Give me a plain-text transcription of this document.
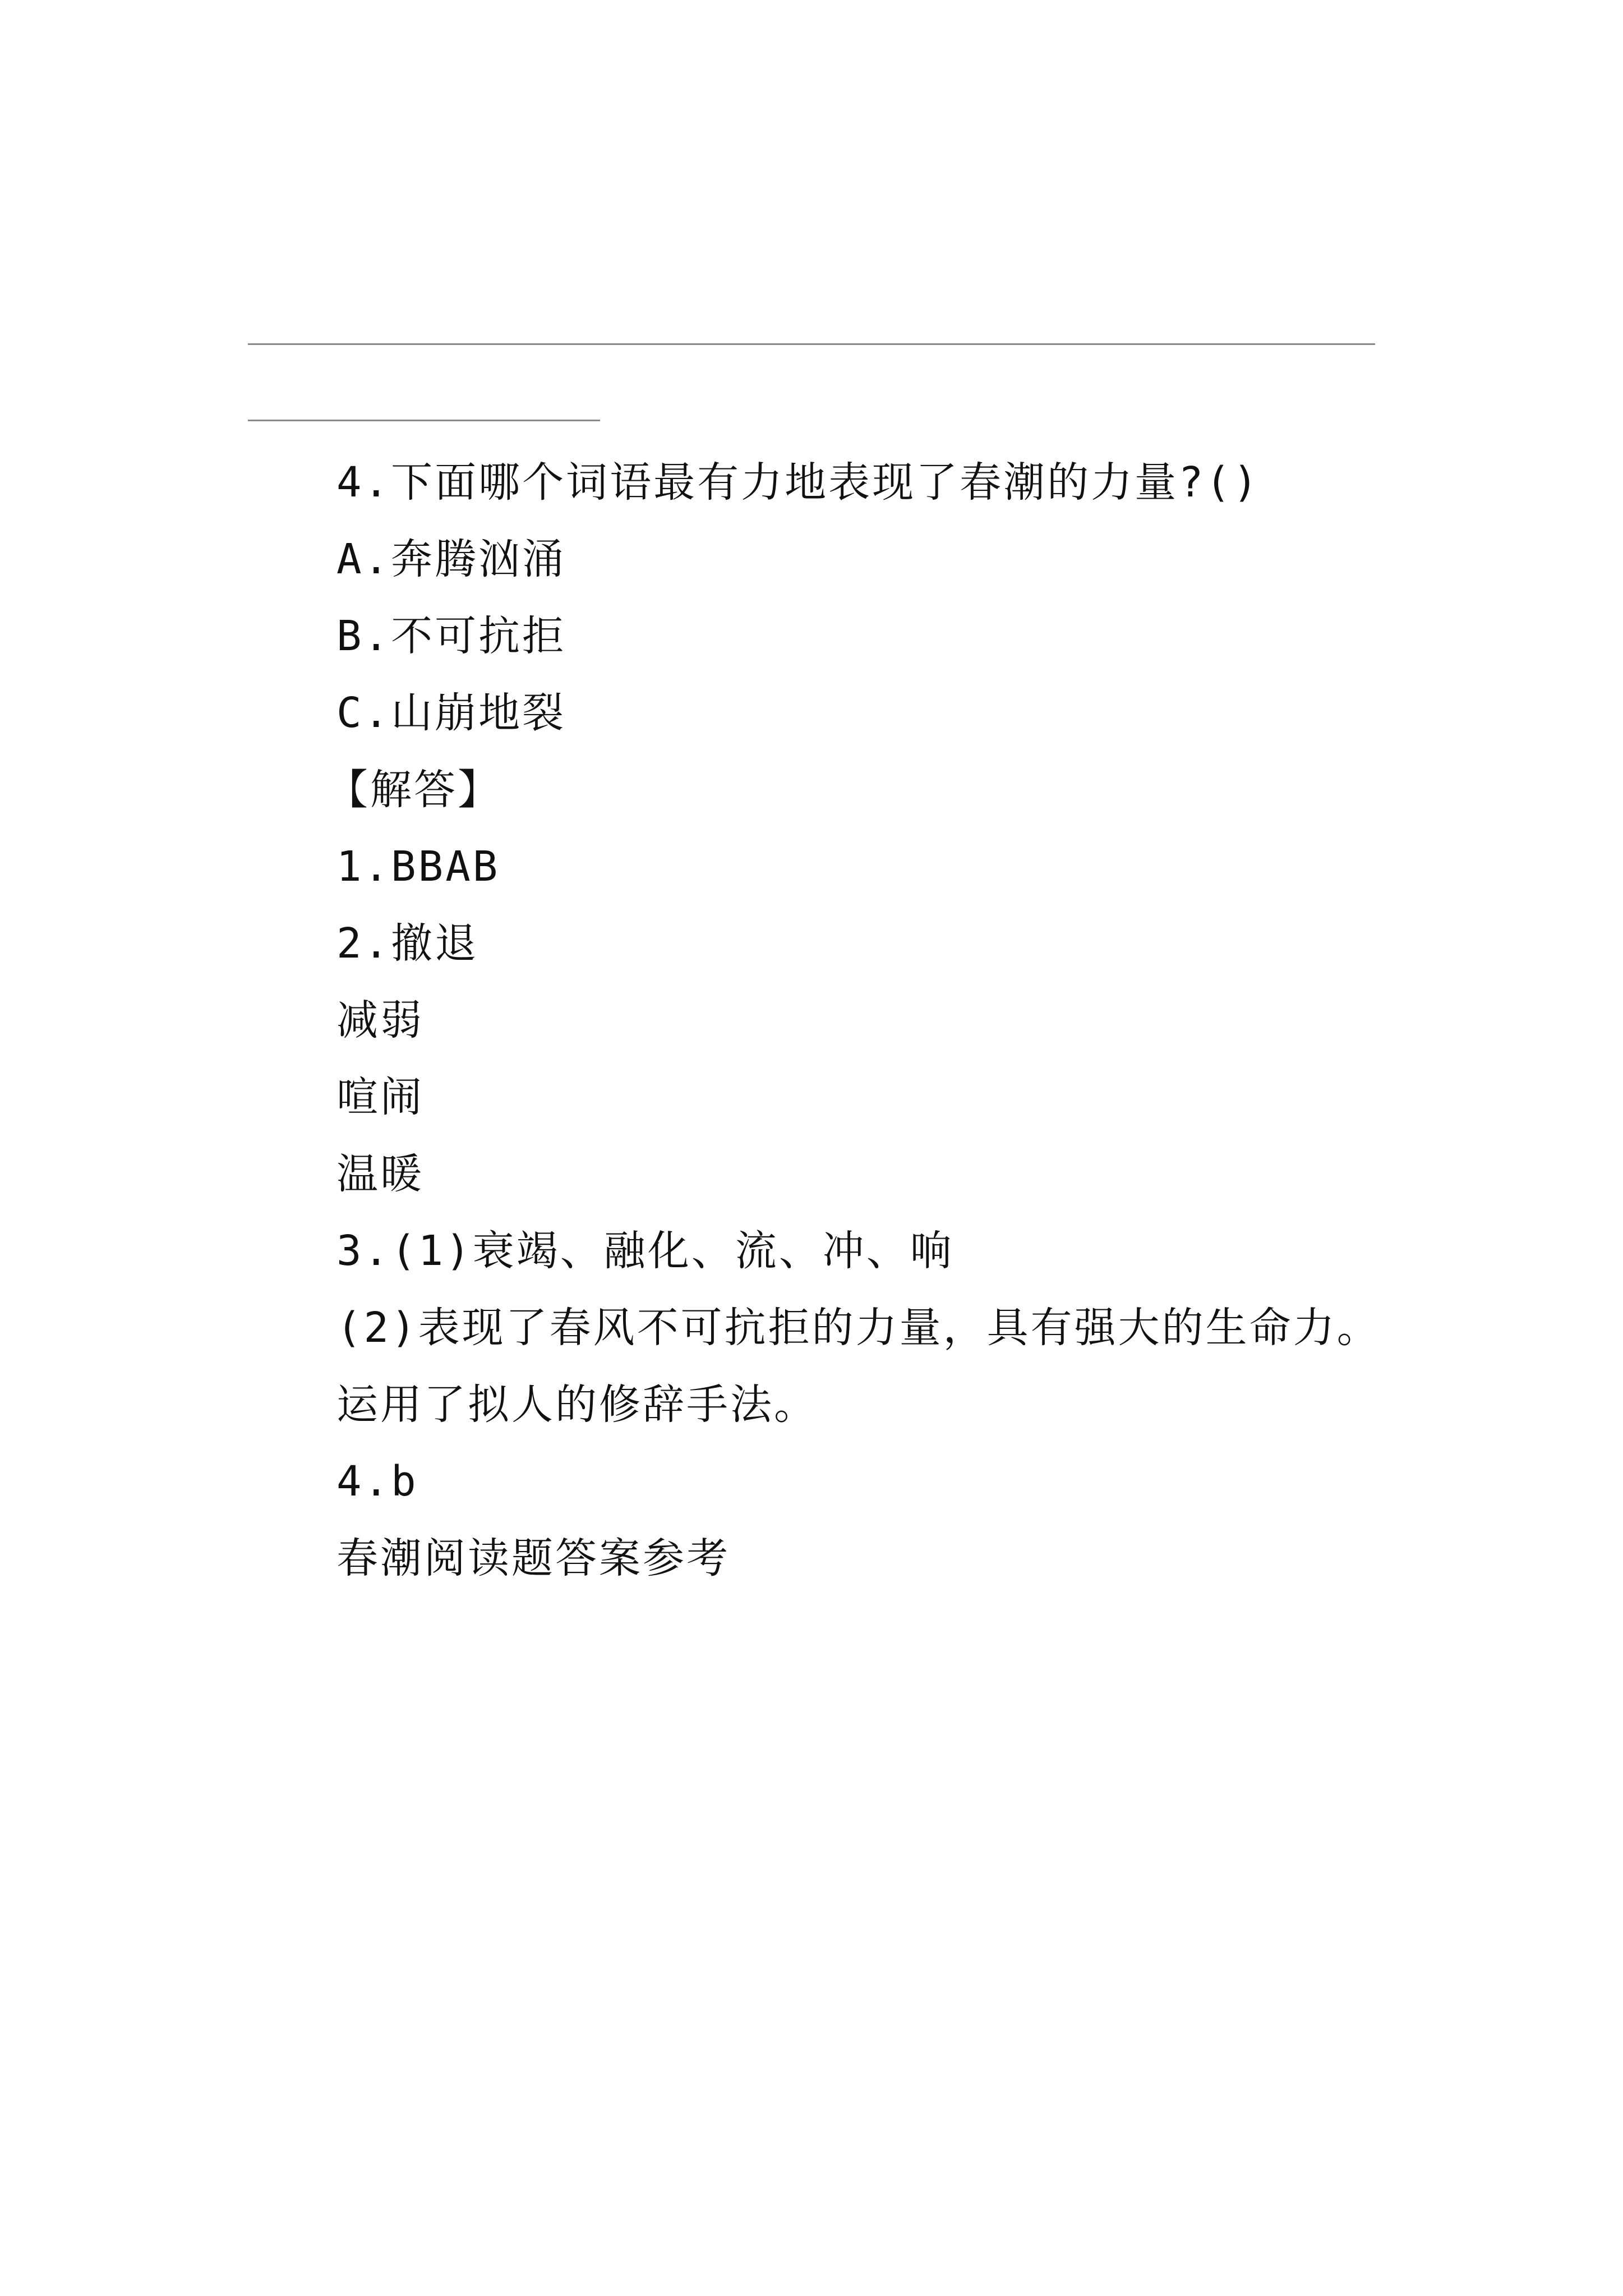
4.下面哪个词语最有力地表现了春潮的力量?()
A.奔腾汹涌
B.不可抗拒
C.山崩地裂
【解答】
1.BBAB
2.撤退
减弱
喧闹
温暖
3.(1)衰竭、融化、流、冲、响
(2)表现了春风不可抗拒的力量，具有强大的生命力。
运用了拟人的修辞手法。
4.b
春潮阅读题答案参考
